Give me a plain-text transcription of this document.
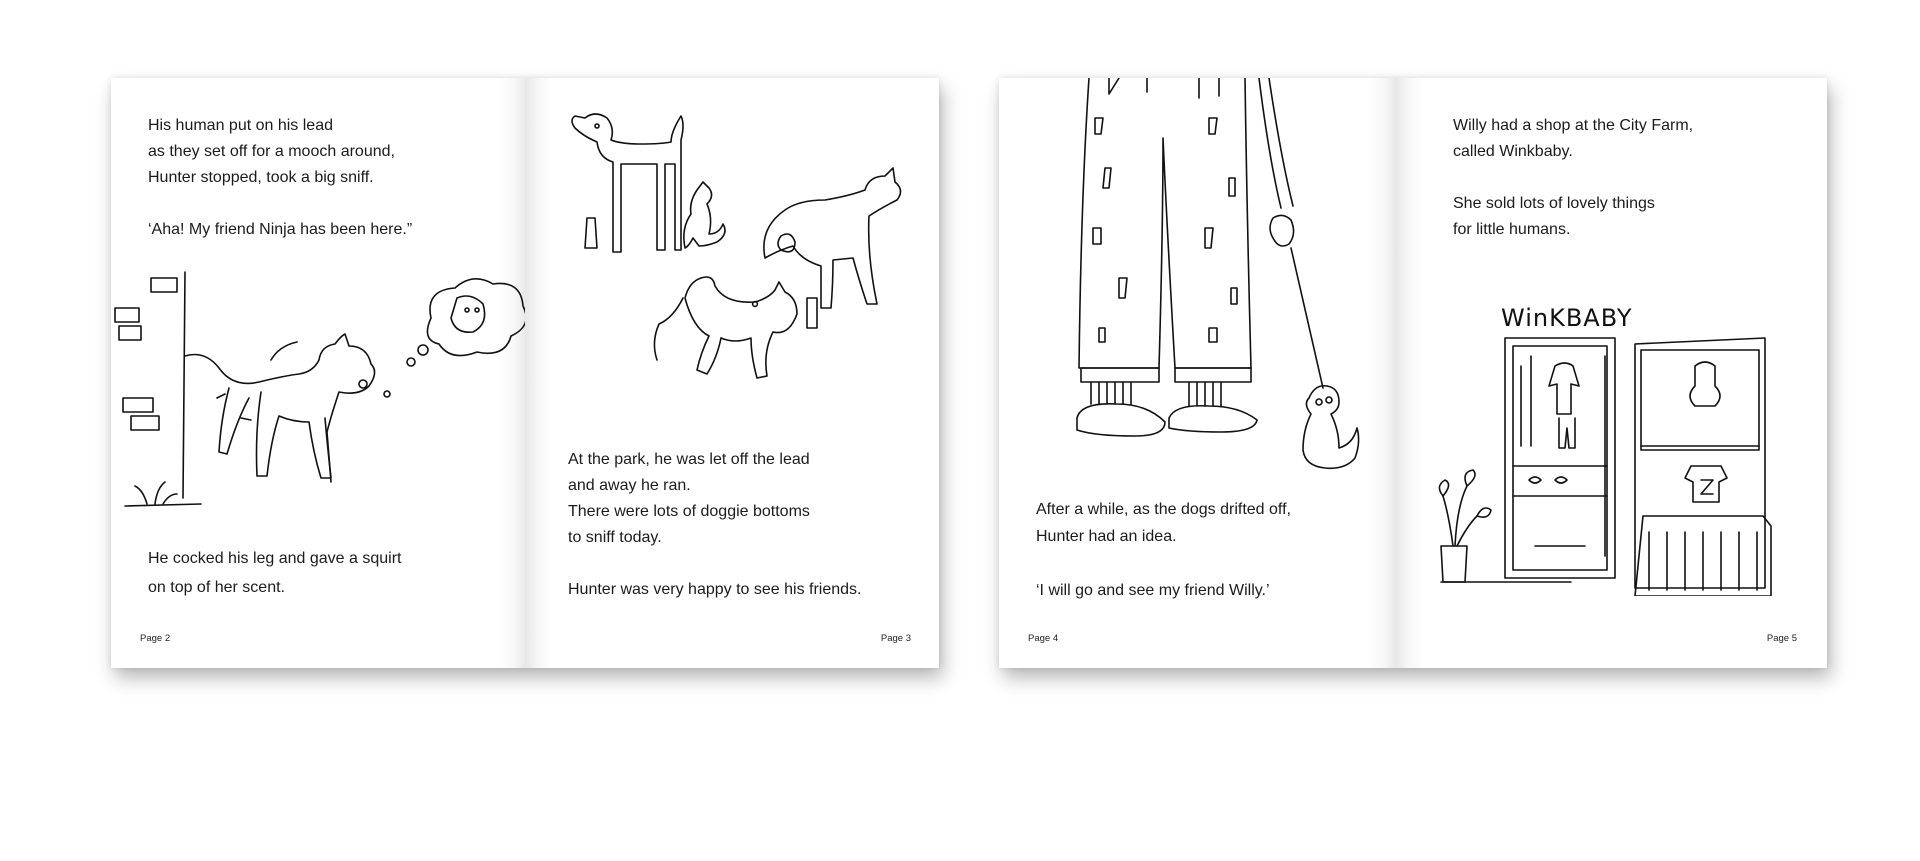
His human put on his lead
as they set off for a mooch around,
Hunter stopped, took a big sniff.

‘Aha! My friend Ninja has been here.”

He cocked his leg and gave a squirt
on top of her scent.

Page 2

At the park, he was let off the lead
and away he ran.
There were lots of doggie bottoms
to sniff today.

Hunter was very happy to see his friends.

Page 3

After a while, as the dogs drifted off,
Hunter had an idea.

‘I will go and see my friend Willy.’

Page 4

Willy had a shop at the City Farm,
called Winkbaby.

She sold lots of lovely things
for little humans.

WinKBABY
Page 5
